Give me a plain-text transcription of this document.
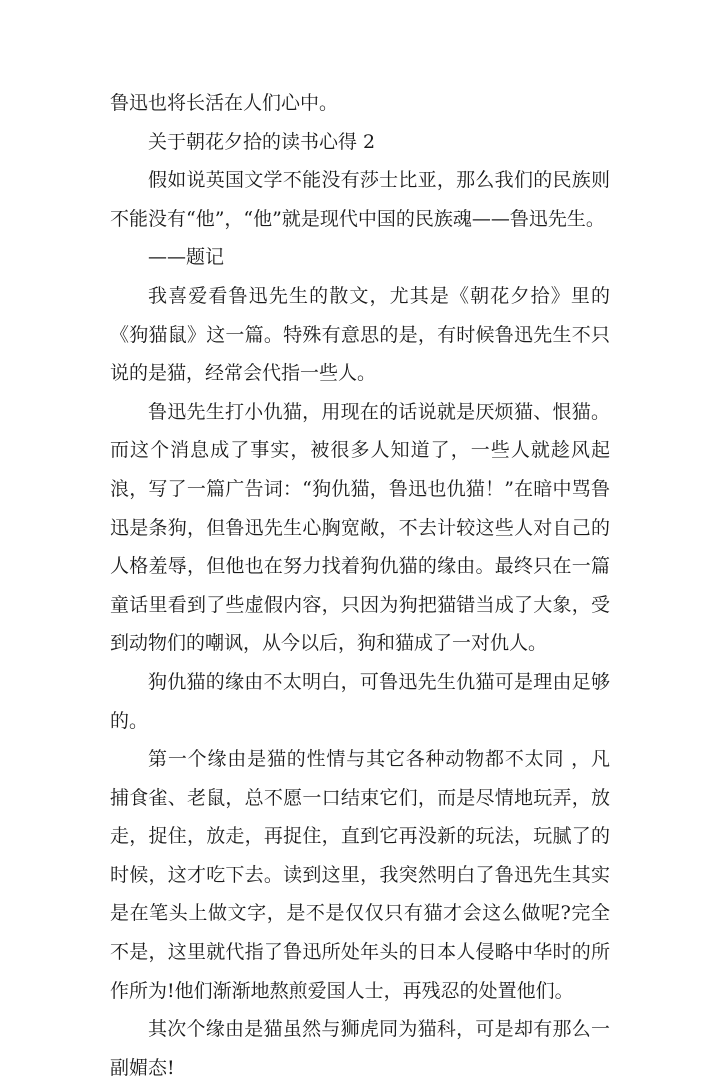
鲁迅也将长活在人们心中。

关于朝花夕拾的读书心得 2

假如说英国文学不能没有莎士比亚，那么我们的民族则不能没有“他”，“他”就是现代中国的民族魂——鲁迅先生。

——题记

我喜爱看鲁迅先生的散文，尤其是《朝花夕拾》里的《狗猫鼠》这一篇。特殊有意思的是，有时候鲁迅先生不只说的是猫，经常会代指一些人。

鲁迅先生打小仇猫，用现在的话说就是厌烦猫、恨猫。而这个消息成了事实，被很多人知道了，一些人就趁风起浪，写了一篇广告词：“狗仇猫，鲁迅也仇猫！”在暗中骂鲁迅是条狗，但鲁迅先生心胸宽敞，不去计较这些人对自己的人格羞辱，但他也在努力找着狗仇猫的缘由。最终只在一篇童话里看到了些虚假内容，只因为狗把猫错当成了大象，受到动物们的嘲讽，从今以后，狗和猫成了一对仇人。

狗仇猫的缘由不太明白，可鲁迅先生仇猫可是理由足够的。

第一个缘由是猫的性情与其它各种动物都不太同 ，凡捕食雀、老鼠，总不愿一口结束它们，而是尽情地玩弄，放走，捉住，放走，再捉住，直到它再没新的玩法，玩腻了的时候，这才吃下去。读到这里，我突然明白了鲁迅先生其实是在笔头上做文字，是不是仅仅只有猫才会这么做呢?完全不是，这里就代指了鲁迅所处年头的日本人侵略中华时的所作所为!他们渐渐地熬煎爱国人士，再残忍的处置他们。

其次个缘由是猫虽然与狮虎同为猫科，可是却有那么一副媚态!
